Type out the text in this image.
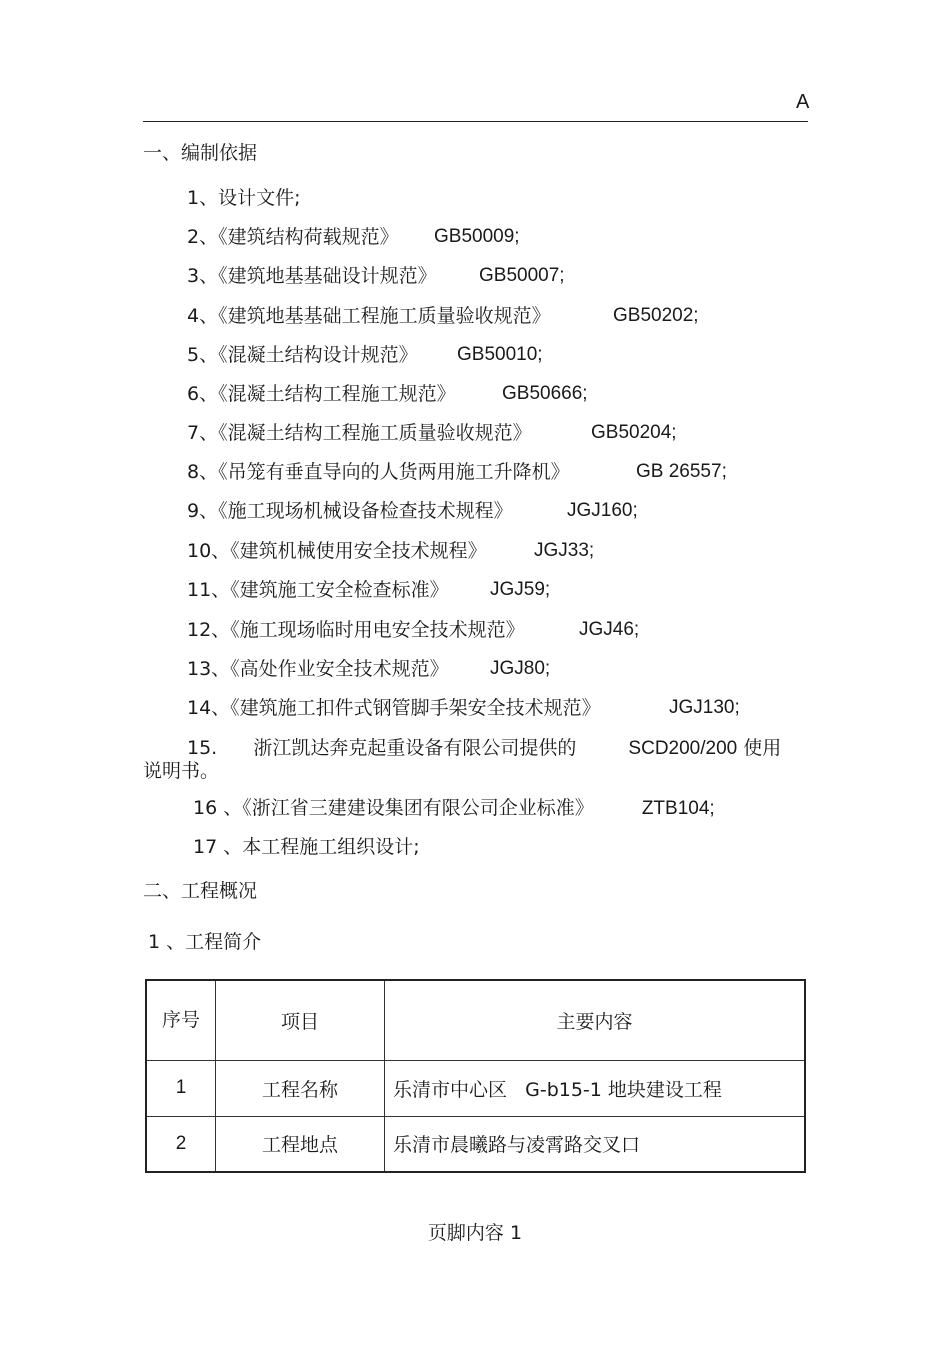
A
一、编制依据
1、设计文件;
2、《建筑结构荷载规范》 GB50009;
3、《建筑地基基础设计规范》 GB50007;
4、《建筑地基基础工程施工质量验收规范》	GB50202;
5、《混凝土结构设计规范》 GB50010;
6、《混凝土结构工程施工规范》 GB50666;
7、《混凝土结构工程施工质量验收规范》	GB50204;
8、《吊笼有垂直导向的人货两用施工升降机》	GB 26557;
9、《施工现场机械设备检查技术规程》	JGJ160;
10、《建筑机械使用安全技术规程》 JGJ33;
11、《建筑施工安全检查标准》 JGJ59;
12、《施工现场临时用电安全技术规范》	JGJ46;
13、《高处作业安全技术规范》 JGJ80;
14、《建筑施工扣件式钢管脚手架安全技术规范》	JGJ130;
15. 浙江凯达奔克起重设备有限公司提供的	SCD200/200 使用
说明书。
16 、《浙江省三建建设集团有限公司企业标准》	ZTB104;
17 、本工程施工组织设计;
二、工程概况
1 、工程简介
序号	项目	主要内容
1	工程名称	乐清市中心区   G-b15-1 地块建设工程
2	工程地点	乐清市晨曦路与凌霄路交叉口
页脚内容 1
